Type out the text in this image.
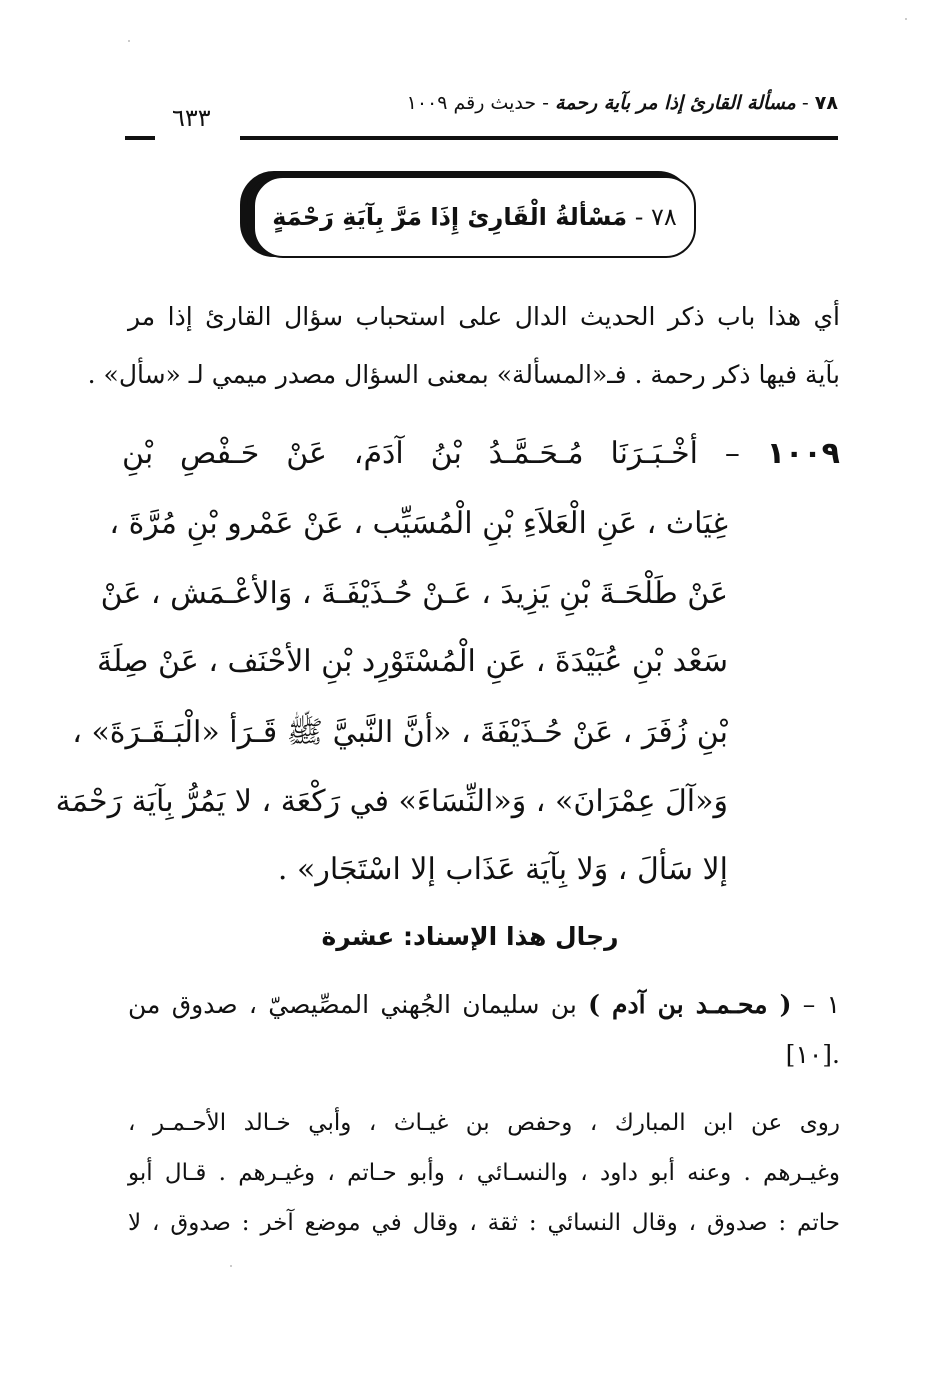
٧٨ - مسألة القارئ إذا مر بآية رحمة - حديث رقم ١٠٠٩
٦٣٣
٧٨ - مَسْألةُ الْقَارِئ إِذَا مَرَّ بِآيَةِ رَحْمَةٍ
أي هذا باب ذكر الحديث الدال على استحباب سؤال القارئ إذا مر
بآية فيها ذكر رحمة . فـ«المسألة» بمعنى السؤال مصدر ميمي لـ «سأل» .
١٠٠٩ – أخْـبَـرَنَا مُـحَـمَّـدُ بْنُ آدَمَ، عَنْ حَـفْصِ بْنِ
غِيَاث ، عَنِ الْعَلاَءِ بْنِ الْمُسَيِّب ، عَنْ عَمْرو بْنِ مُرَّةَ ،
عَنْ طَلْحَـةَ بْنِ يَزِيدَ ، عَـنْ حُـذَيْفَـةَ ، وَالأعْـمَش ، عَنْ
سَعْد بْنِ عُبَيْدَةَ ، عَنِ الْمُسْتَوْرِد بْنِ الأحْنَف ، عَنْ صِلَةَ
بْنِ زُفَرَ ، عَنْ حُـذَيْفَةَ ، «أنَّ النَّبيَّ ﷺ قَـرَأ «الْبَـقَـرَةَ» ،
وَ«آلَ عِمْرَانَ» ، وَ«النِّسَاءَ» في رَكْعَة ، لا يَمُرُّ بِآيَة رَحْمَة
إلا سَألَ ، وَلا بِآيَة عَذَاب إلا اسْتَجَار» .
رجال هذا الإسناد: عشرة
١ – ( محـمـد بن آدم ) بن سليمان الجُهني المصِّيصيّ ، صدوق من
.[١٠]
روى عن ابن المبارك ، وحفص بن غيـاث ، وأبي خـالد الأحـمـر ،
وغيـرهم . وعنه أبو داود ، والنسـائي ، وأبو حـاتم ، وغيـرهم . قـال أبو
حاتم : صدوق ، وقال النسائي : ثقة ، وقال في موضع آخر : صدوق ، لا
